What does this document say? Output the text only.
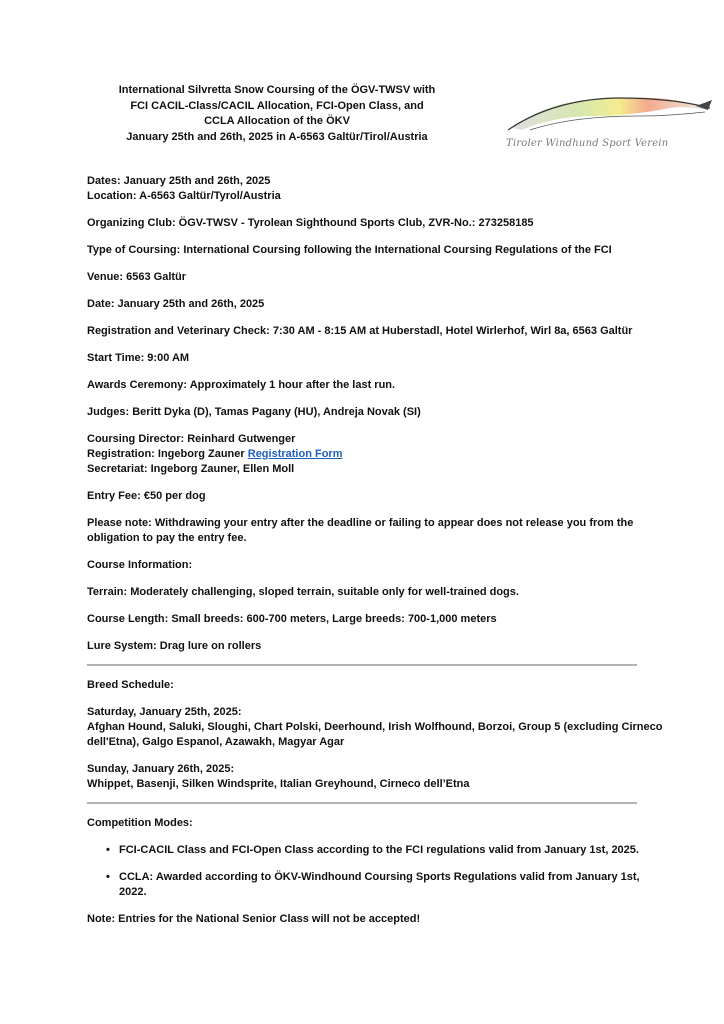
International Silvretta Snow Coursing of the ÖGV-TWSV with
FCI CACIL-Class/CACIL Allocation, FCI-Open Class, and
CCLA Allocation of the ÖKV
January 25th and 26th, 2025 in A-6563 Galtür/Tirol/Austria
Tiroler Windhund Sport Verein
Dates: January 25th and 26th, 2025
Location: A-6563 Galtür/Tyrol/Austria
Organizing Club: ÖGV-TWSV - Tyrolean Sighthound Sports Club, ZVR-No.: 273258185
Type of Coursing: International Coursing following the International Coursing Regulations of the FCI
Venue: 6563 Galtür
Date: January 25th and 26th, 2025
Registration and Veterinary Check: 7:30 AM - 8:15 AM at Huberstadl, Hotel Wirlerhof, Wirl 8a, 6563 Galtür
Start Time: 9:00 AM
Awards Ceremony: Approximately 1 hour after the last run.
Judges: Beritt Dyka (D), Tamas Pagany (HU), Andreja Novak (SI)
Coursing Director: Reinhard Gutwenger
Registration: Ingeborg Zauner Registration Form
Secretariat: Ingeborg Zauner, Ellen Moll
Entry Fee: €50 per dog
Please note: Withdrawing your entry after the deadline or failing to appear does not release you from the
obligation to pay the entry fee.
Course Information:
Terrain: Moderately challenging, sloped terrain, suitable only for well-trained dogs.
Course Length: Small breeds: 600-700 meters, Large breeds: 700-1,000 meters
Lure System: Drag lure on rollers
Breed Schedule:
Saturday, January 25th, 2025:
Afghan Hound, Saluki, Sloughi, Chart Polski, Deerhound, Irish Wolfhound, Borzoi, Group 5 (excluding Cirneco
dell'Etna), Galgo Espanol, Azawakh, Magyar Agar
Sunday, January 26th, 2025:
Whippet, Basenji, Silken Windsprite, Italian Greyhound, Cirneco dell’Etna
Competition Modes:
• FCI-CACIL Class and FCI-Open Class according to the FCI regulations valid from January 1st, 2025.
• CCLA: Awarded according to ÖKV-Windhound Coursing Sports Regulations valid from January 1st,
2022.
Note: Entries for the National Senior Class will not be accepted!
